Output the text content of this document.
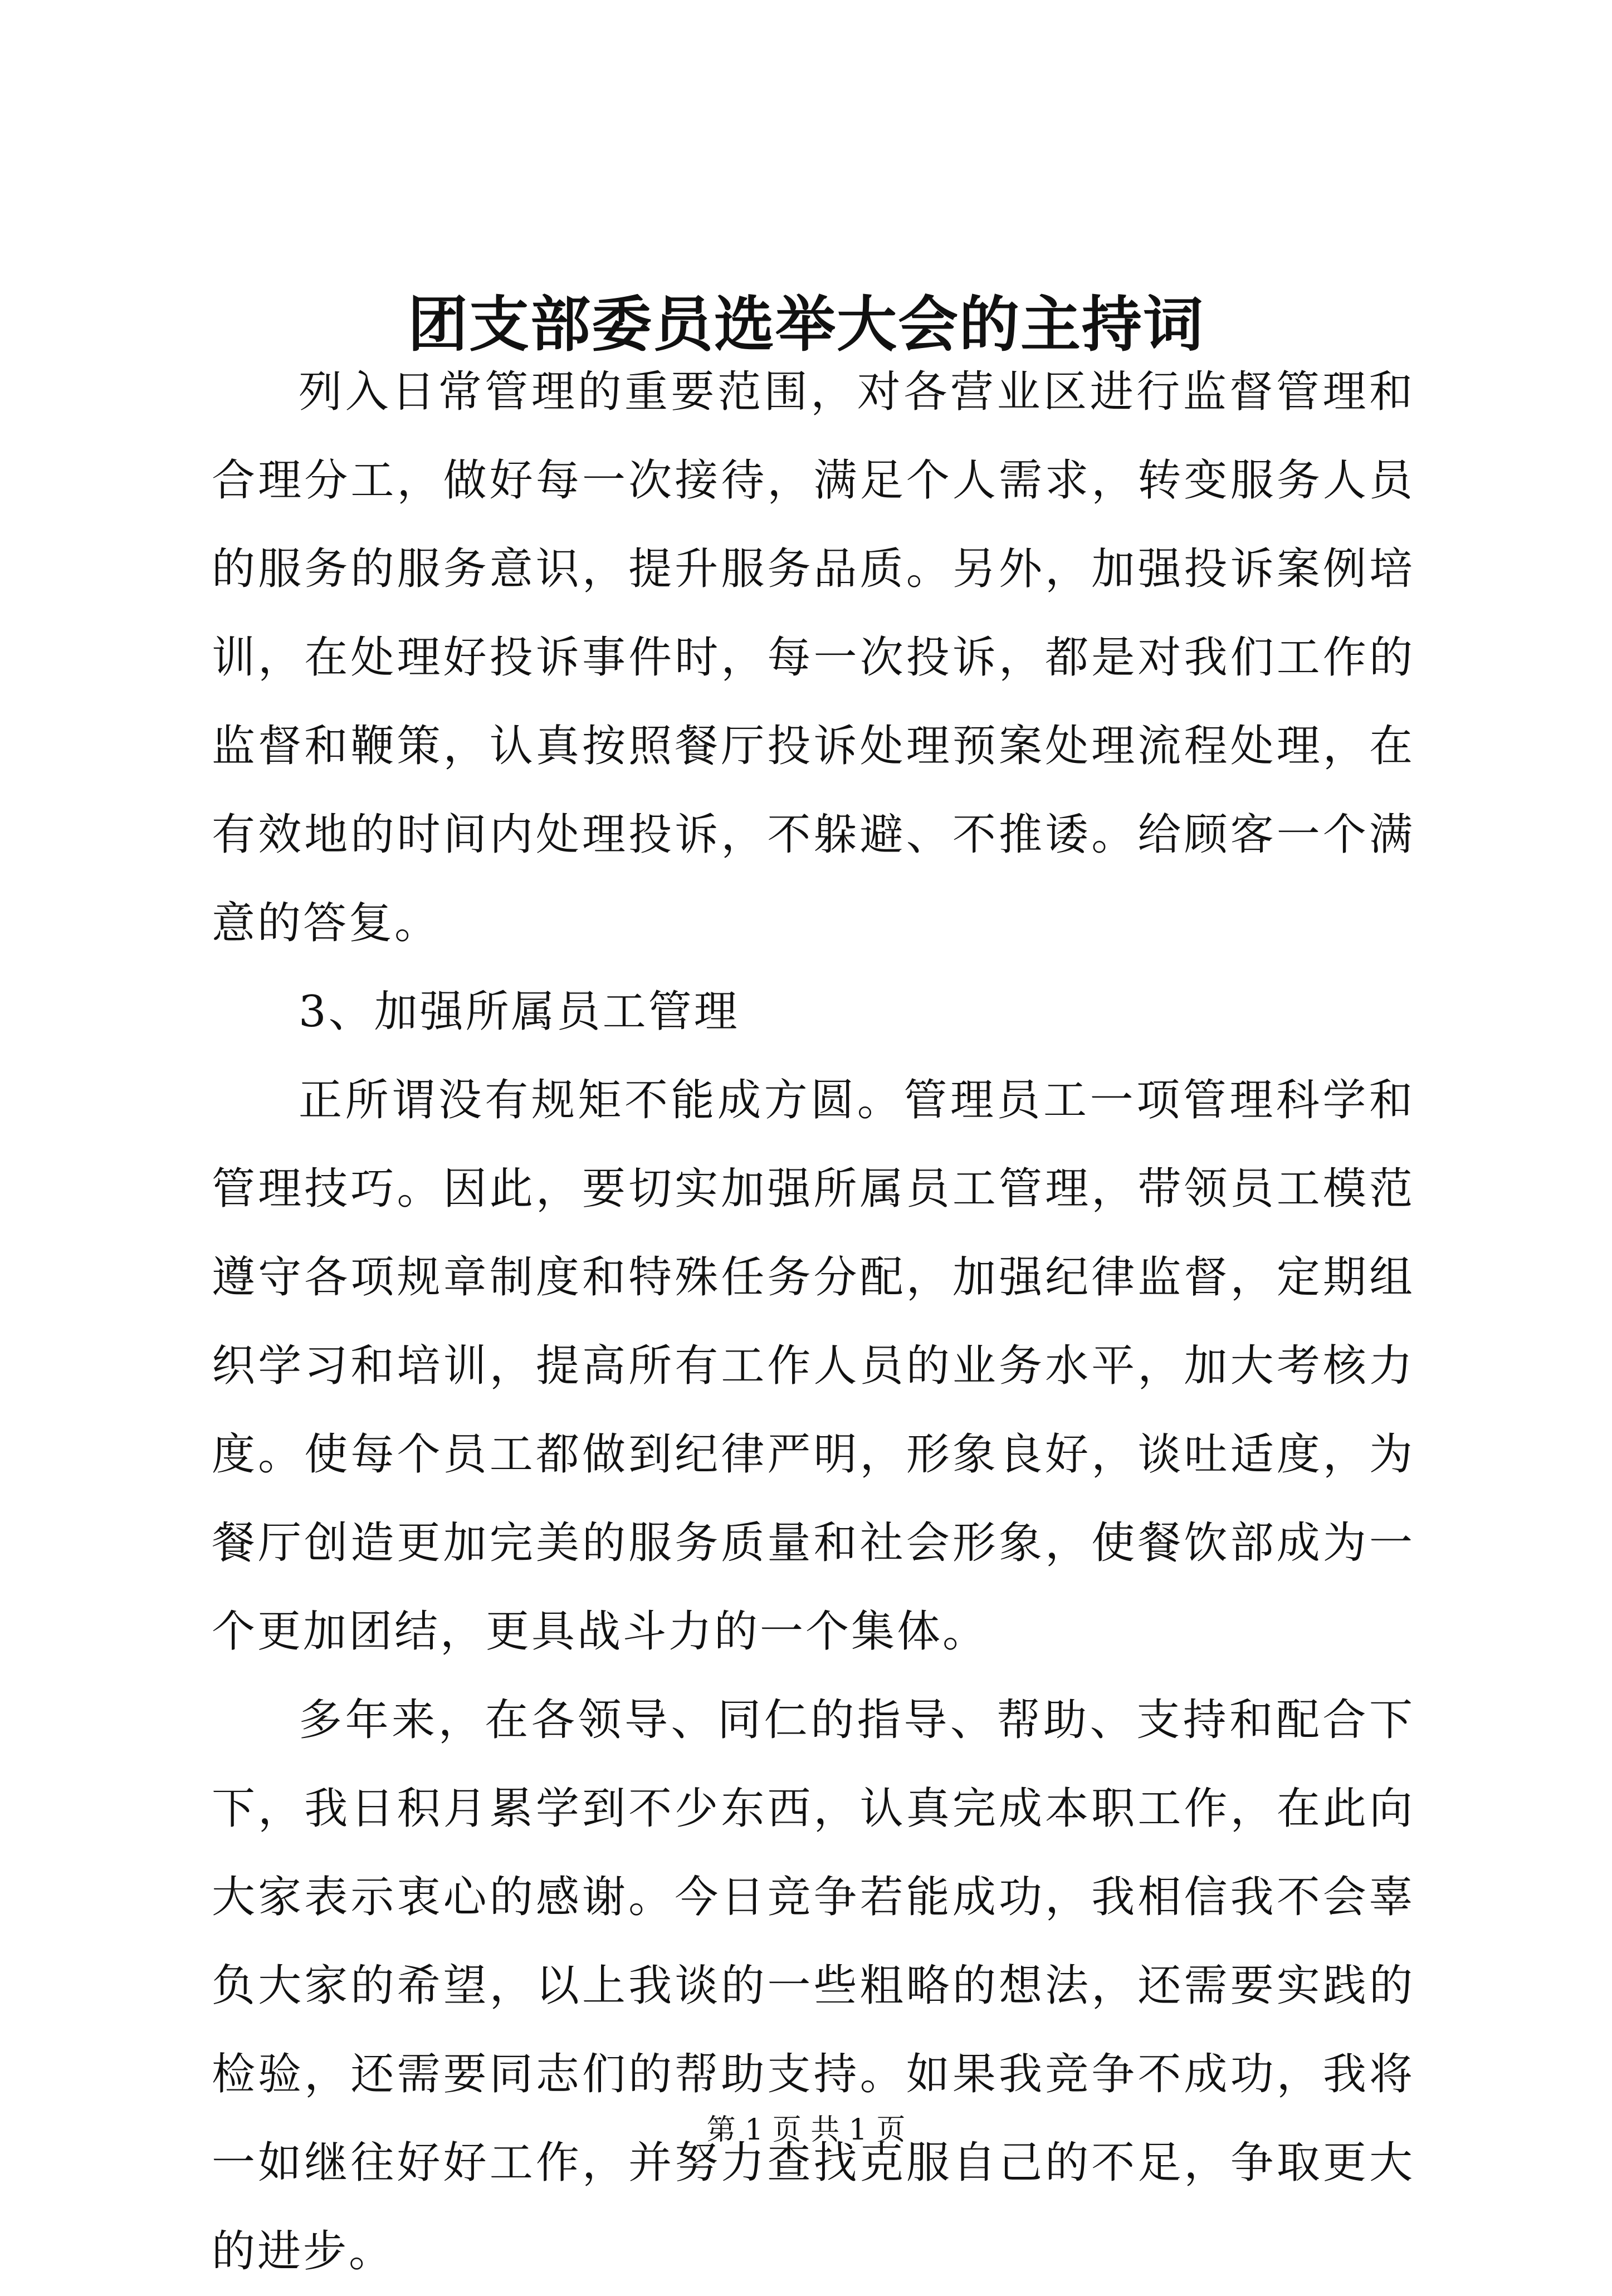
团支部委员选举大会的主持词

列入日常管理的重要范围，对各营业区进行监督管理和合理分工，做好每一次接待，满足个人需求，转变服务人员的服务的服务意识，提升服务品质。另外，加强投诉案例培训，在处理好投诉事件时，每一次投诉，都是对我们工作的监督和鞭策，认真按照餐厅投诉处理预案处理流程处理，在有效地的时间内处理投诉，不躲避、不推诿。给顾客一个满意的答复。

3、加强所属员工管理

正所谓没有规矩不能成方圆。管理员工一项管理科学和管理技巧。因此，要切实加强所属员工管理，带领员工模范遵守各项规章制度和特殊任务分配，加强纪律监督，定期组织学习和培训，提高所有工作人员的业务水平，加大考核力度。使每个员工都做到纪律严明，形象良好，谈吐适度，为餐厅创造更加完美的服务质量和社会形象，使餐饮部成为一个更加团结，更具战斗力的一个集体。

多年来，在各领导、同仁的指导、帮助、支持和配合下下，我日积月累学到不少东西，认真完成本职工作，在此向大家表示衷心的感谢。今日竞争若能成功，我相信我不会辜负大家的希望，以上我谈的一些粗略的想法，还需要实践的检验，还需要同志们的帮助支持。如果我竞争不成功，我将一如继往好好工作，并努力查找克服自己的不足，争取更大的进步。

第 1 页 共 1 页
